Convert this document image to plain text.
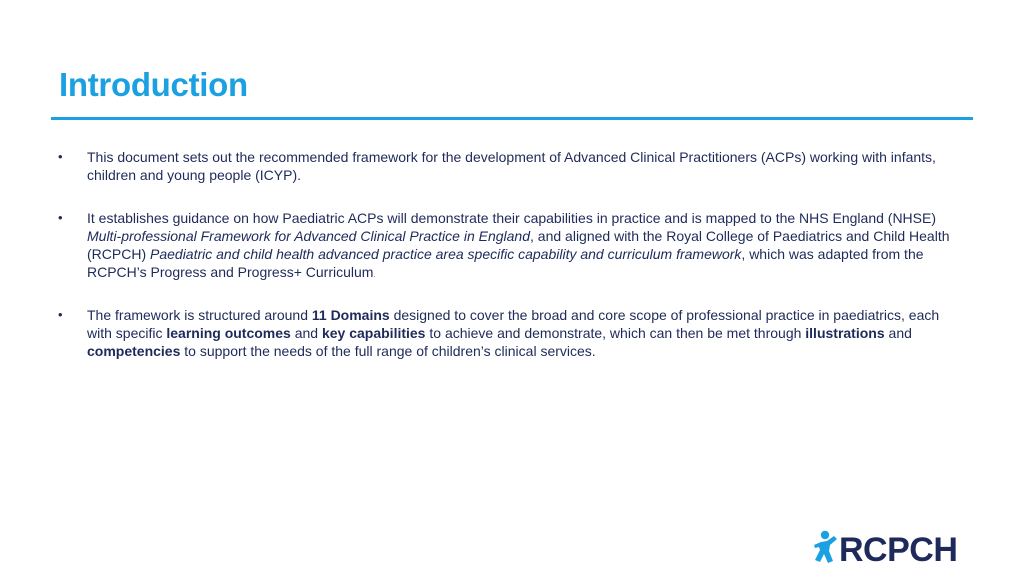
Introduction
• This document sets out the recommended framework for the development of Advanced Clinical Practitioners (ACPs) working with infants, children and young people (ICYP).
• It establishes guidance on how Paediatric ACPs will demonstrate their capabilities in practice and is mapped to the NHS England (NHSE) Multi-professional Framework for Advanced Clinical Practice in England, and aligned with the Royal College of Paediatrics and Child Health (RCPCH) Paediatric and child health advanced practice area specific capability and curriculum framework, which was adapted from the RCPCH’s Progress and Progress+ Curriculum.
• The framework is structured around 11 Domains designed to cover the broad and core scope of professional practice in paediatrics, each with specific learning outcomes and key capabilities to achieve and demonstrate, which can then be met through illustrations and competencies to support the needs of the full range of children’s clinical services.
RCPCH
